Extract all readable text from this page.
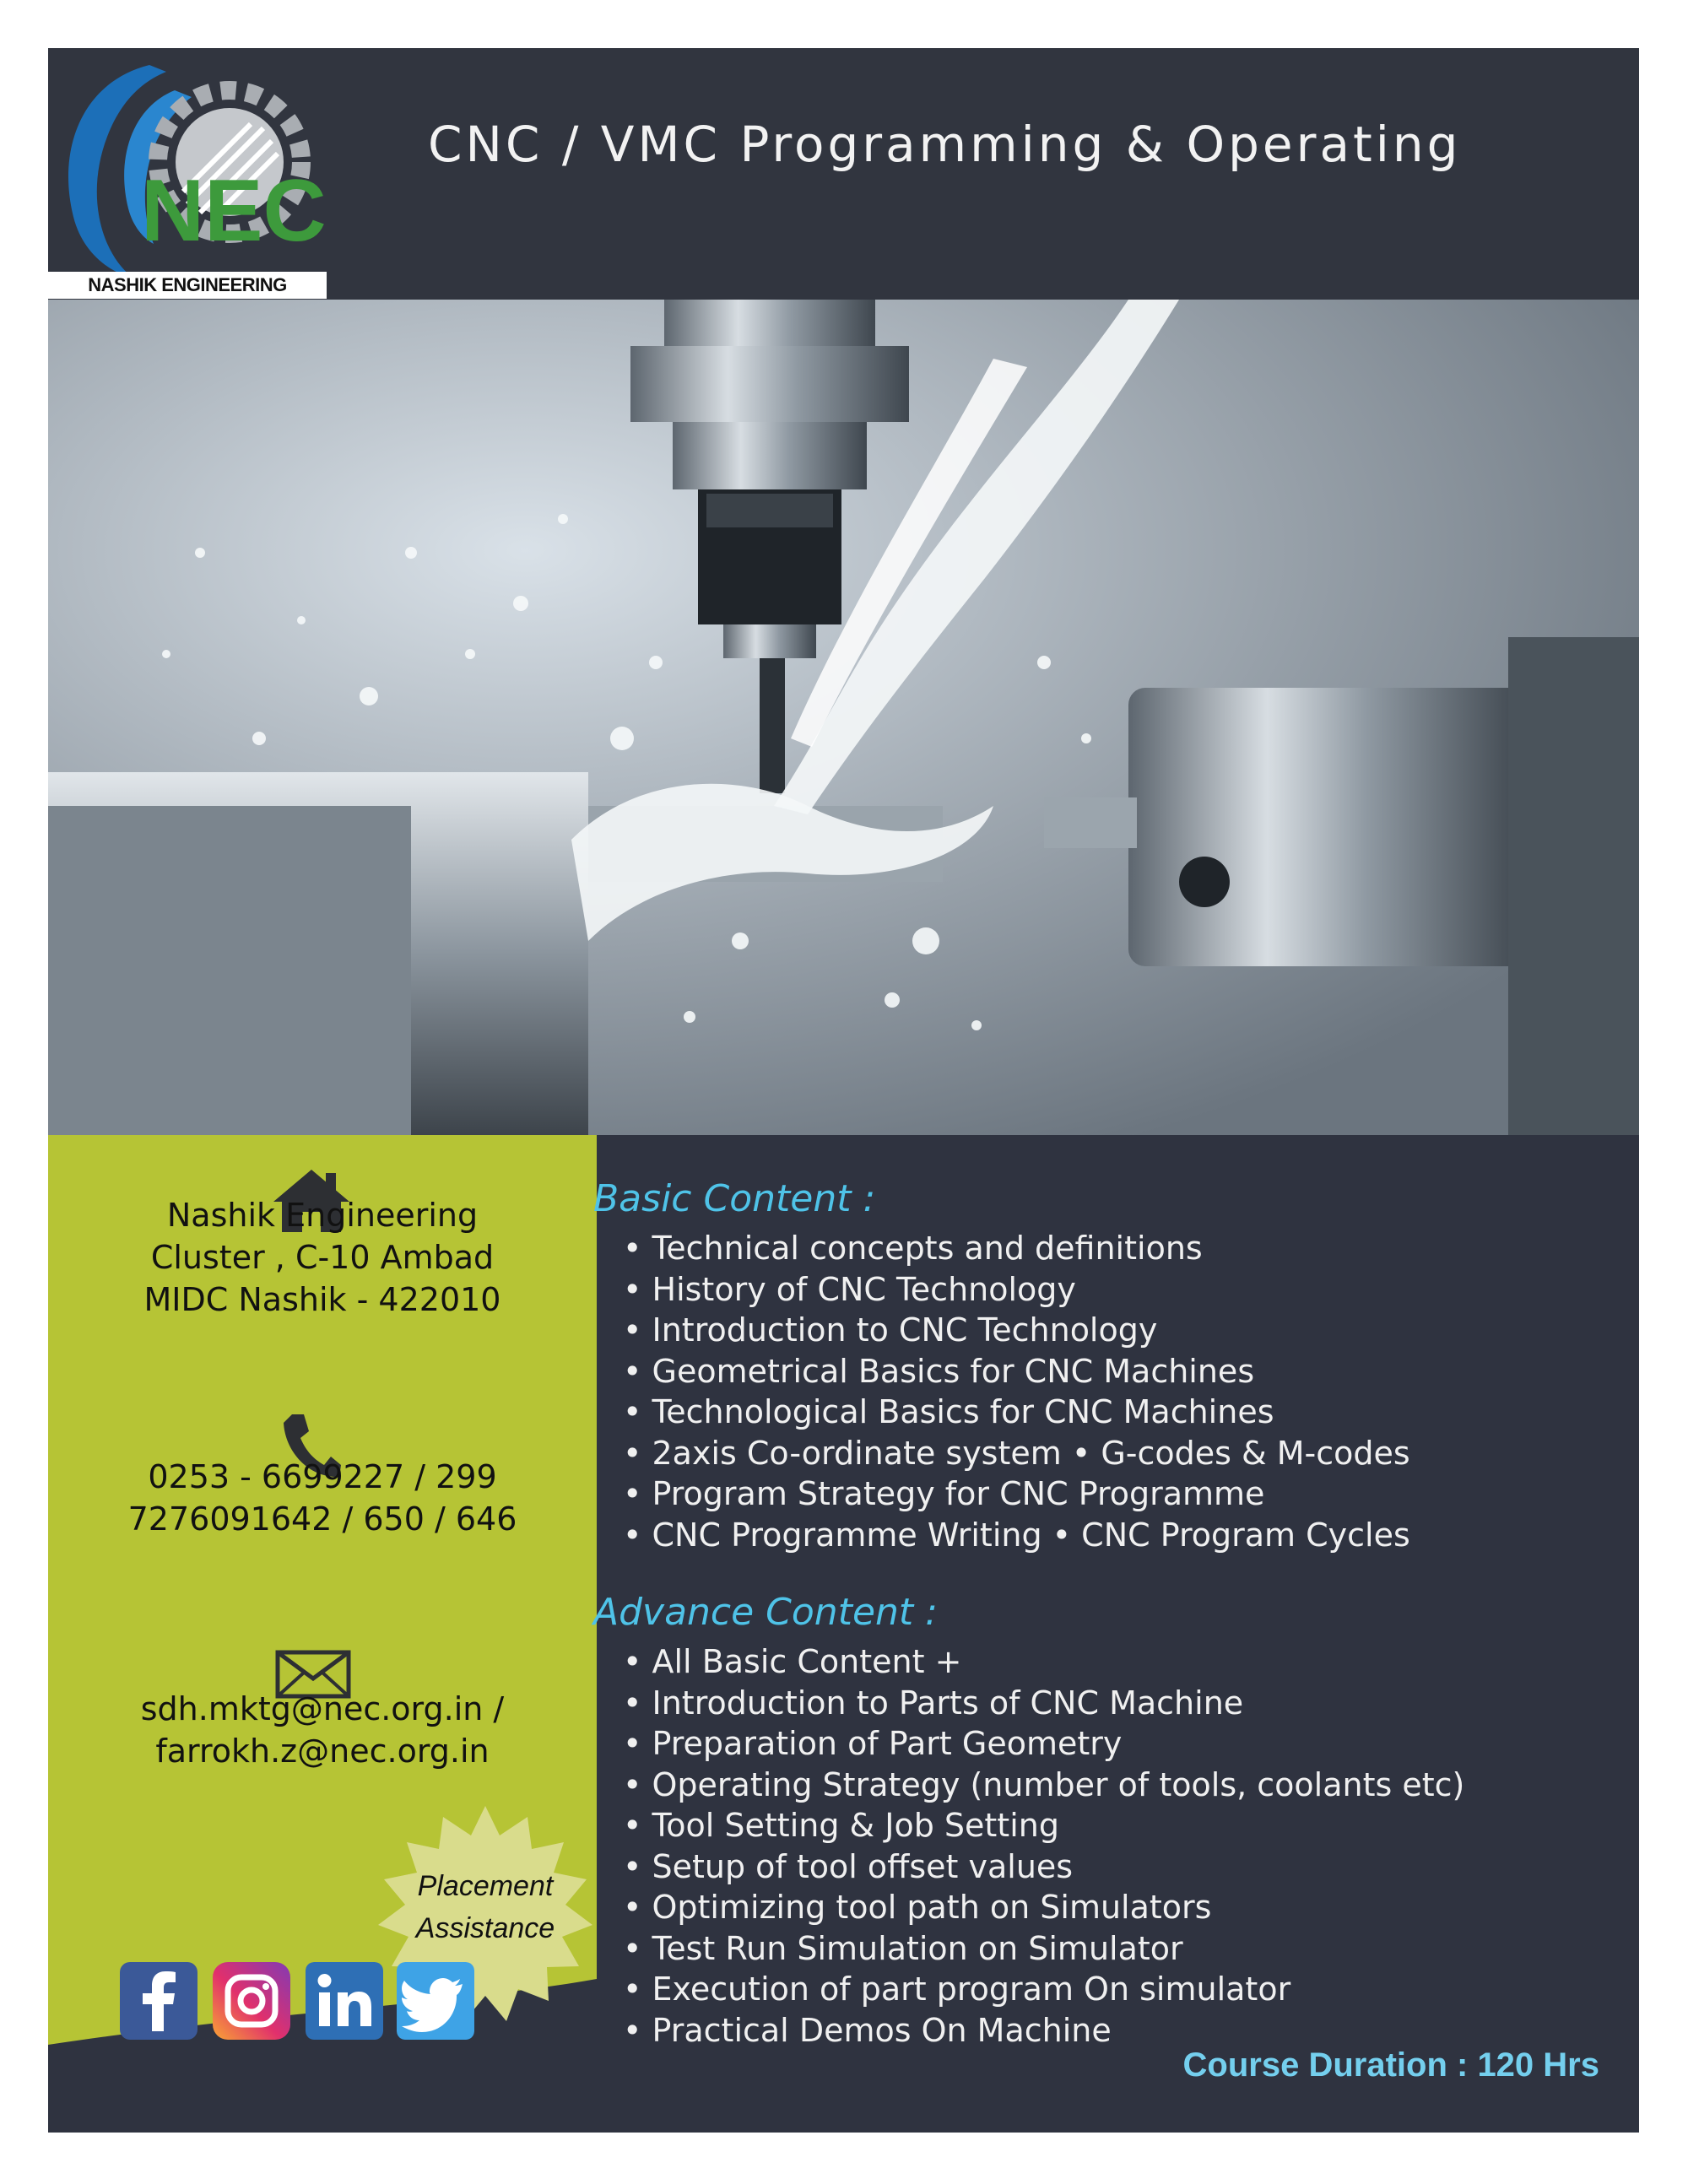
NEC
NASHIK ENGINEERING
CNC / VMC Programming & Operating
Nashik Engineering
Cluster , C-10 Ambad
MIDC Nashik - 422010
0253 - 6699227 / 299
7276091642 / 650 / 646
sdh.mktg@nec.org.in /
farrokh.z@nec.org.in
Placement
Assistance
Basic Content :
• Technical concepts and definitions
• History of CNC Technology
• Introduction to CNC Technology
• Geometrical Basics for CNC Machines
• Technological Basics for CNC Machines
• 2axis Co-ordinate system • G-codes & M-codes
• Program Strategy for CNC Programme
• CNC Programme Writing • CNC Program Cycles
Advance Content :
• All Basic Content +
• Introduction to Parts of CNC Machine
• Preparation of Part Geometry
• Operating Strategy (number of tools, coolants etc)
• Tool Setting & Job Setting
• Setup of tool offset values
• Optimizing tool path on Simulators
• Test Run Simulation on Simulator
• Execution of part program On simulator
• Practical Demos On Machine
Course Duration : 120 Hrs
